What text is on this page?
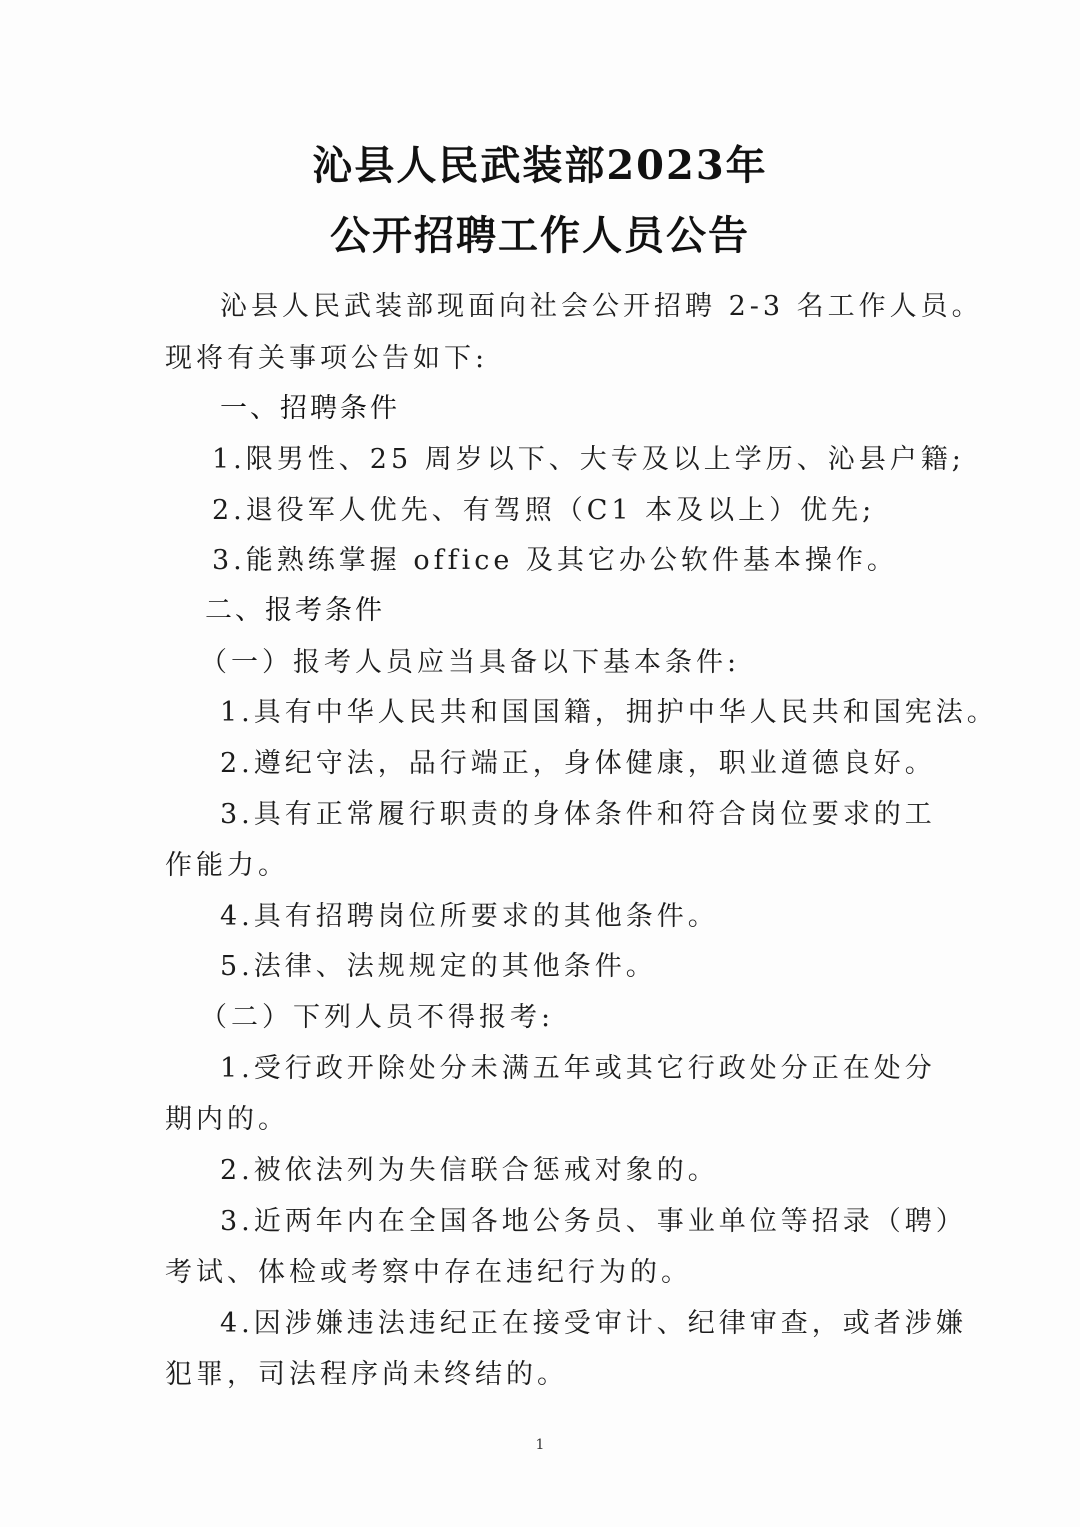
沁县人民武装部2023年
公开招聘工作人员公告
沁县人民武装部现面向社会公开招聘 2-3 名工作人员。
现将有关事项公告如下:
一、招聘条件
1.限男性、25 周岁以下、大专及以上学历、沁县户籍;
2.退役军人优先、有驾照（C1 本及以上）优先;
3.能熟练掌握 office 及其它办公软件基本操作。
二、报考条件
（一）报考人员应当具备以下基本条件:
1.具有中华人民共和国国籍，拥护中华人民共和国宪法。
2.遵纪守法，品行端正，身体健康，职业道德良好。
3.具有正常履行职责的身体条件和符合岗位要求的工
作能力。
4.具有招聘岗位所要求的其他条件。
5.法律、法规规定的其他条件。
（二）下列人员不得报考:
1.受行政开除处分未满五年或其它行政处分正在处分
期内的。
2.被依法列为失信联合惩戒对象的。
3.近两年内在全国各地公务员、事业单位等招录（聘）
考试、体检或考察中存在违纪行为的。
4.因涉嫌违法违纪正在接受审计、纪律审查，或者涉嫌
犯罪，司法程序尚未终结的。
1
